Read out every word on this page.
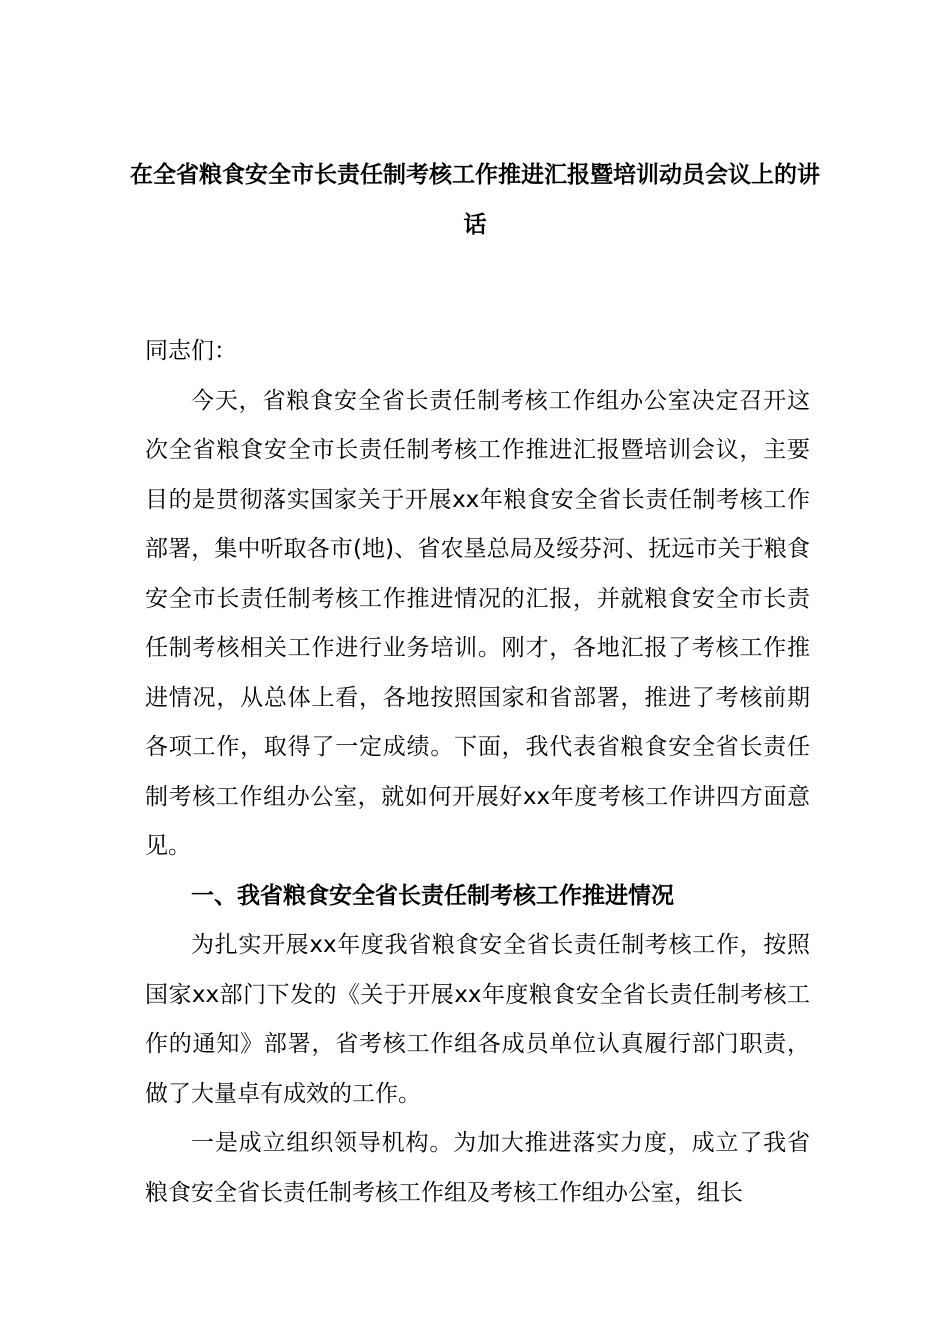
在全省粮食安全市长责任制考核工作推进汇报暨培训动员会议上的讲话

同志们：

今天，省粮食安全省长责任制考核工作组办公室决定召开这次全省粮食安全市长责任制考核工作推进汇报暨培训会议，主要目的是贯彻落实国家关于开展xx年粮食安全省长责任制考核工作部署，集中听取各市(地)、省农垦总局及绥芬河、抚远市关于粮食安全市长责任制考核工作推进情况的汇报，并就粮食安全市长责任制考核相关工作进行业务培训。刚才，各地汇报了考核工作推进情况，从总体上看，各地按照国家和省部署，推进了考核前期各项工作，取得了一定成绩。下面，我代表省粮食安全省长责任制考核工作组办公室，就如何开展好xx年度考核工作讲四方面意见。

一、我省粮食安全省长责任制考核工作推进情况

为扎实开展xx年度我省粮食安全省长责任制考核工作，按照国家xx部门下发的《关于开展xx年度粮食安全省长责任制考核工作的通知》部署，省考核工作组各成员单位认真履行部门职责，做了大量卓有成效的工作。

一是成立组织领导机构。为加大推进落实力度，成立了我省粮食安全省长责任制考核工作组及考核工作组办公室，组长
